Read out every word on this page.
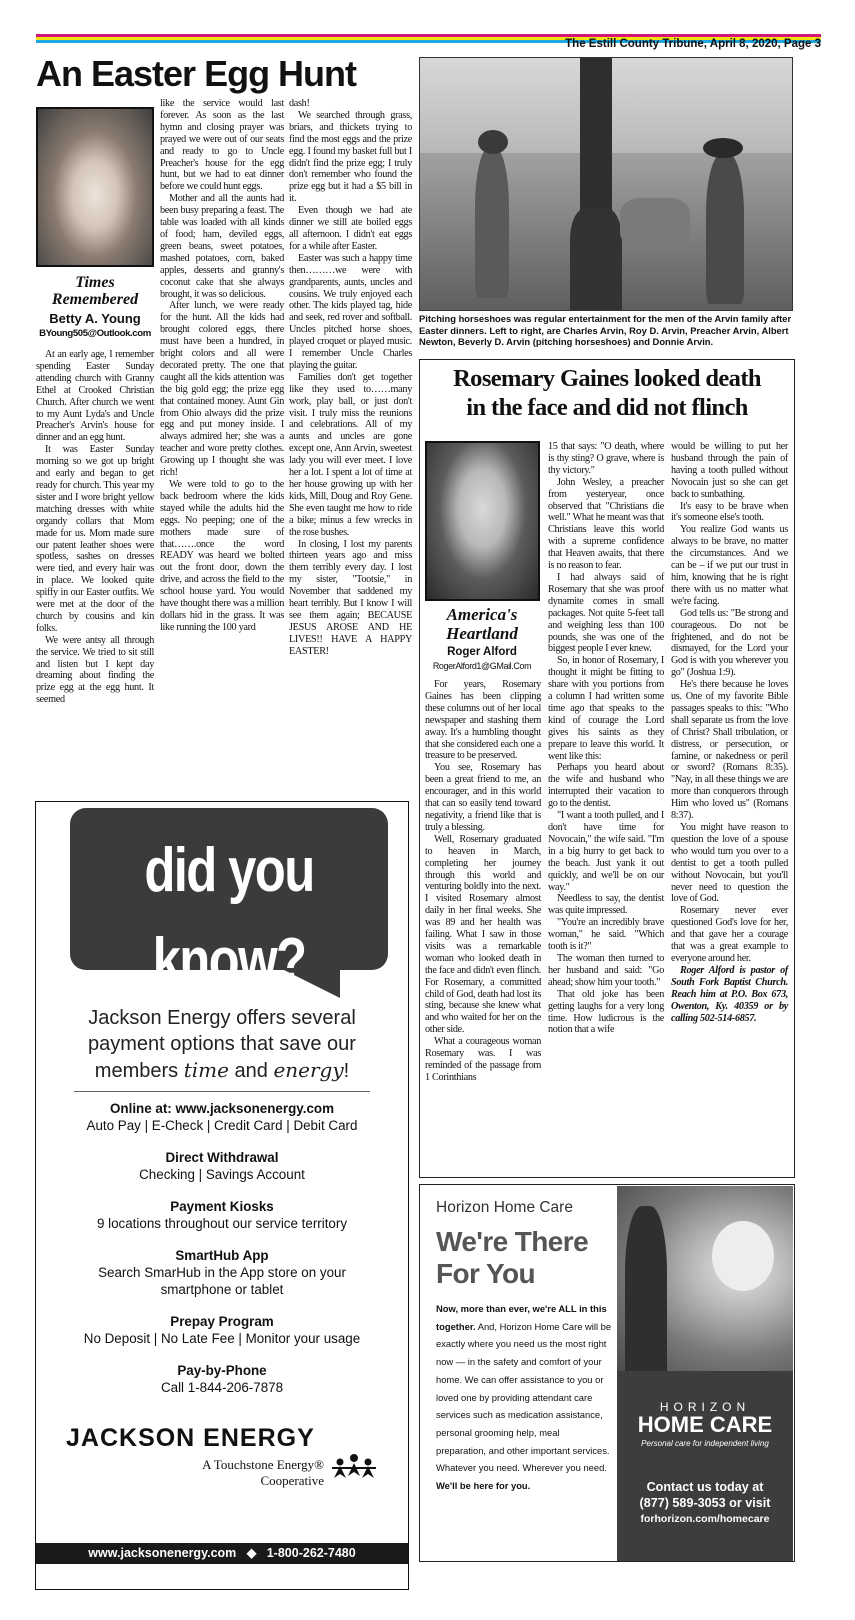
The Estill County Tribune, April 8, 2020, Page 3
An Easter Egg Hunt
Times Remembered
Betty A. Young
BYoung505@Outlook.com

At an early age, I remember spending Easter Sunday attending church with Granny Ethel at Crooked Christian Church. After church we went to my Aunt Lyda's and Uncle Preacher's Arvin's house for dinner and an egg hunt.

It was Easter Sunday morning so we got up bright and early and began to get ready for church. This year my sister and I wore bright yellow matching dresses with white organdy collars that Mom made for us. Mom made sure our patent leather shoes were spotless, sashes on dresses were tied, and every hair was in place. We looked quite spiffy in our Easter outfits. We were met at the door of the church by cousins and kin folks.

We were antsy all through the service. We tried to sit still and listen but I kept day dreaming about finding the prize egg at the egg hunt. It seemed

like the service would last forever. As soon as the last hymn and closing prayer was prayed we were out of our seats and ready to go to Uncle Preacher's house for the egg hunt, but we had to eat dinner before we could hunt eggs.

Mother and all the aunts had been busy preparing a feast. The table was loaded with all kinds of food; ham, deviled eggs, green beans, sweet potatoes, mashed potatoes, corn, baked apples, desserts and granny's coconut cake that she always brought, it was so delicious.

After lunch, we were ready for the hunt. All the kids had brought colored eggs, there must have been a hundred, in bright colors and all were decorated pretty. The one that caught all the kids attention was the big gold egg; the prize egg that contained money. Aunt Gin from Ohio always did the prize egg and put money inside. I always admired her; she was a teacher and wore pretty clothes. Growing up I thought she was rich!

We were told to go to the back bedroom where the kids stayed while the adults hid the eggs. No peeping; one of the mothers made sure of that…….once the word READY was heard we bolted out the front door, down the drive, and across the field to the school house yard. You would have thought there was a million dollars hid in the grass. It was like running the 100 yard

dash!

We searched through grass, briars, and thickets trying to find the most eggs and the prize egg. I found my basket full but I didn't find the prize egg; I truly don't remember who found the prize egg but it had a $5 bill in it.

Even though we had ate dinner we still ate boiled eggs all afternoon. I didn't eat eggs for a while after Easter.

Easter was such a happy time then………we were with grandparents, aunts, uncles and cousins. We truly enjoyed each other. The kids played tag, hide and seek, red rover and softball. Uncles pitched horse shoes, played croquet or played music. I remember Uncle Charles playing the guitar.

Families don't get together like they used to……many work, play ball, or just don't visit. I truly miss the reunions and celebrations. All of my aunts and uncles are gone except one, Ann Arvin, sweetest lady you will ever meet. I love her a lot. I spent a lot of time at her house growing up with her kids, Mill, Doug and Roy Gene. She even taught me how to ride a bike; minus a few wrecks in the rose bushes.

In closing, I lost my parents thirteen years ago and miss them terribly every day. I lost my sister, "Tootsie," in November that saddened my heart terribly. But I know I will see them again; BECAUSE JESUS AROSE AND HE LIVES!! HAVE A HAPPY EASTER!

Pitching horseshoes was regular entertainment for the men of the Arvin family after Easter dinners. Left to right, are Charles Arvin, Roy D. Arvin, Preacher Arvin, Albert Newton, Beverly D. Arvin (pitching horseshoes) and Donnie Arvin.
Rosemary Gaines looked death
in the face and did not flinch
America's Heartland
Roger Alford
RogerAlford1@GMail.Com

For years, Rosemary Gaines has been clipping these columns out of her local newspaper and stashing them away. It's a humbling thought that she considered each one a treasure to be preserved.

You see, Rosemary has been a great friend to me, an encourager, and in this world that can so easily tend toward negativity, a friend like that is truly a blessing.

Well, Rosemary graduated to heaven in March, completing her journey through this world and venturing boldly into the next. I visited Rosemary almost daily in her final weeks. She was 89 and her health was failing. What I saw in those visits was a remarkable woman who looked death in the face and didn't even flinch. For Rosemary, a committed child of God, death had lost its sting, because she knew what and who waited for her on the other side.

What a courageous woman Rosemary was. I was reminded of the passage from 1 Corinthians

15 that says: "O death, where is thy sting? O grave, where is thy victory."

John Wesley, a preacher from yesteryear, once observed that "Christians die well." What he meant was that Christians leave this world with a supreme confidence that Heaven awaits, that there is no reason to fear.

I had always said of Rosemary that she was proof dynamite comes in small packages. Not quite 5-feet tall and weighing less than 100 pounds, she was one of the biggest people I ever knew.

So, in honor of Rosemary, I thought it might be fitting to share with you portions from a column I had written some time ago that speaks to the kind of courage the Lord gives his saints as they prepare to leave this world. It went like this:

Perhaps you heard about the wife and husband who interrupted their vacation to go to the dentist.

"I want a tooth pulled, and I don't have time for Novocain," the wife said. "I'm in a big hurry to get back to the beach. Just yank it out quickly, and we'll be on our way."

Needless to say, the dentist was quite impressed.

"You're an incredibly brave woman," he said. "Which tooth is it?"

The woman then turned to her husband and said: "Go ahead; show him your tooth."

That old joke has been getting laughs for a very long time. How ludicrous is the notion that a wife

would be willing to put her husband through the pain of having a tooth pulled without Novocain just so she can get back to sunbathing.

It's easy to be brave when it's someone else's tooth.

You realize God wants us always to be brave, no matter the circumstances. And we can be – if we put our trust in him, knowing that he is right there with us no matter what we're facing.

God tells us: "Be strong and courageous. Do not be frightened, and do not be dismayed, for the Lord your God is with you wherever you go" (Joshua 1:9).

He's there because he loves us. One of my favorite Bible passages speaks to this: "Who shall separate us from the love of Christ? Shall tribulation, or distress, or persecution, or famine, or nakedness or peril or sword? (Romans 8:35). "Nay, in all these things we are more than conquerors through Him who loved us" (Romans 8:37).

You might have reason to question the love of a spouse who would turn you over to a dentist to get a tooth pulled without Novocain, but you'll never need to question the love of God.

Rosemary never ever questioned God's love for her, and that gave her a courage that was a great example to everyone around her.

Roger Alford is pastor of South Fork Baptist Church. Reach him at P.O. Box 673, Owenton, Ky. 40359 or by calling 502-514-6857.

did you know?
Jackson Energy offers several
payment options that save our
members time and energy!
Online at: www.jacksonenergy.com
Auto Pay | E-Check | Credit Card | Debit Card
Direct Withdrawal
Checking | Savings Account
Payment Kiosks
9 locations throughout our service territory
SmartHub App
Search SmarHub in the App store on your
smartphone or tablet
Prepay Program
No Deposit | No Late Fee | Monitor your usage
Pay-by-Phone
Call 1-844-206-7878
JACKSON ENERGY
A Touchstone Energy®
Cooperative
www.jacksonenergy.com ◆ 1-800-262-7480
Horizon Home Care
We're There
For You

Now, more than ever, we're ALL in this together. And, Horizon Home Care will be exactly where you need us the most right now — in the safety and comfort of your home. We can offer assistance to you or loved one by providing attendant care services such as medication assistance, personal grooming help, meal preparation, and other important services. Whatever you need. Wherever you need. We'll be here for you.

HORIZON
HOME CARE
Personal care for independent living
Contact us today at
(877) 589-3053 or visit
forhorizon.com/homecare
